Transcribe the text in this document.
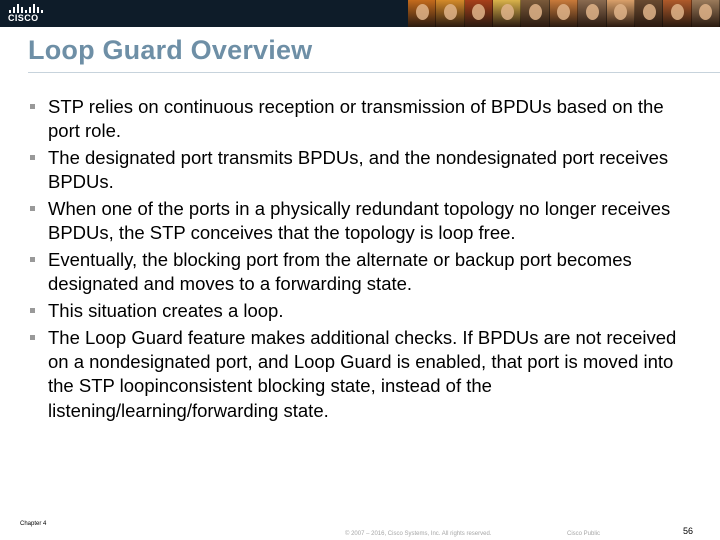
CISCO
Loop Guard Overview
STP relies on continuous reception or transmission of BPDUs based on the port role.
The designated port transmits BPDUs, and the nondesignated port receives BPDUs.
When one of the ports in a physically redundant topology no longer receives BPDUs, the STP conceives that the topology is loop free.
Eventually, the blocking port from the alternate or backup port becomes designated and moves to a forwarding state.
This situation creates a loop.
The Loop Guard feature makes additional checks. If BPDUs are not received on a nondesignated port, and Loop Guard is enabled, that port is moved into the STP loopinconsistent blocking state, instead of the listening/learning/forwarding state.
Chapter 4
© 2007 – 2016, Cisco Systems, Inc. All rights reserved.	Cisco Public	56
